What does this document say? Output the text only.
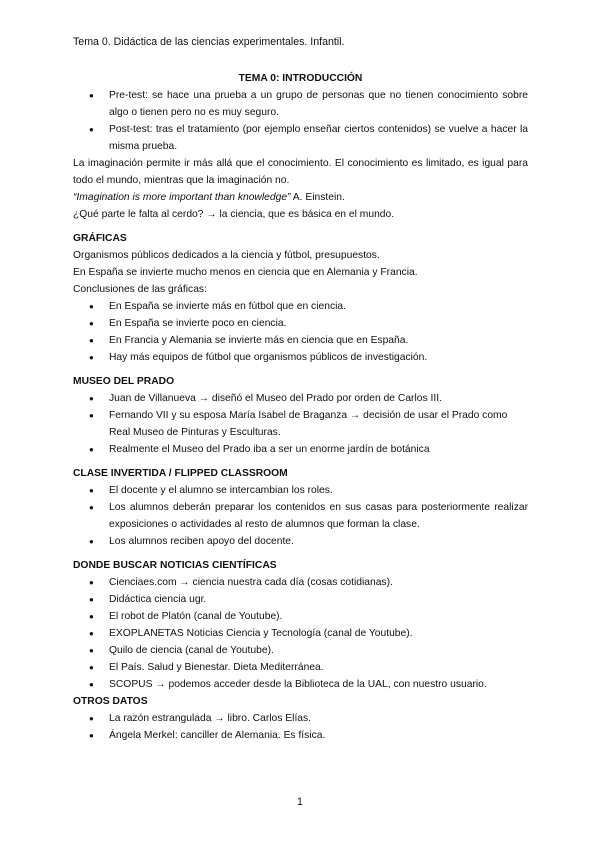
Tema 0. Didáctica de las ciencias experimentales. Infantil.

TEMA 0: INTRODUCCIÓN

● Pre-test: se hace una prueba a un grupo de personas que no tienen conocimiento sobre algo o tienen pero no es muy seguro.
● Post-test: tras el tratamiento (por ejemplo enseñar ciertos contenidos) se vuelve a hacer la misma prueba.

La imaginación permite ir más allá que el conocimiento. El conocimiento es limitado, es igual para todo el mundo, mientras que la imaginación no.

“Imagination is more important than knowledge” A. Einstein.

¿Qué parte le falta al cerdo? → la ciencia, que es básica en el mundo.

GRÁFICAS

Organismos públicos dedicados a la ciencia y fútbol, presupuestos.

En España se invierte mucho menos en ciencia que en Alemania y Francia.

Conclusiones de las gráficas:

● En España se invierte más en fútbol que en ciencia.
● En España se invierte poco en ciencia.
● En Francia y Alemania se invierte más en ciencia que en España.
● Hay más equipos de fútbol que organismos públicos de investigación.

MUSEO DEL PRADO

● Juan de Villanueva → diseñó el Museo del Prado por orden de Carlos III.
● Fernando VII y su esposa María Isabel de Braganza → decisión de usar el Prado como Real Museo de Pinturas y Esculturas.
● Realmente el Museo del Prado iba a ser un enorme jardín de botánica

CLASE INVERTIDA / FLIPPED CLASSROOM

● El docente y el alumno se intercambian los roles.
● Los alumnos deberán preparar los contenidos en sus casas para posteriormente realizar exposiciones o actividades al resto de alumnos que forman la clase.
● Los alumnos reciben apoyo del docente.

DONDE BUSCAR NOTICIAS CIENTÍFICAS

● Cienciaes.com → ciencia nuestra cada día (cosas cotidianas).
● Didáctica ciencia ugr.
● El robot de Platón (canal de Youtube).
● EXOPLANETAS Noticias Ciencia y Tecnología (canal de Youtube).
● Quilo de ciencia (canal de Youtube).
● El País. Salud y Bienestar. Dieta Mediterránea.
● SCOPUS → podemos acceder desde la Biblioteca de la UAL, con nuestro usuario.

OTROS DATOS

● La razón estrangulada → libro. Carlos Elías.
● Ángela Merkel: canciller de Alemania. Es física.
1
